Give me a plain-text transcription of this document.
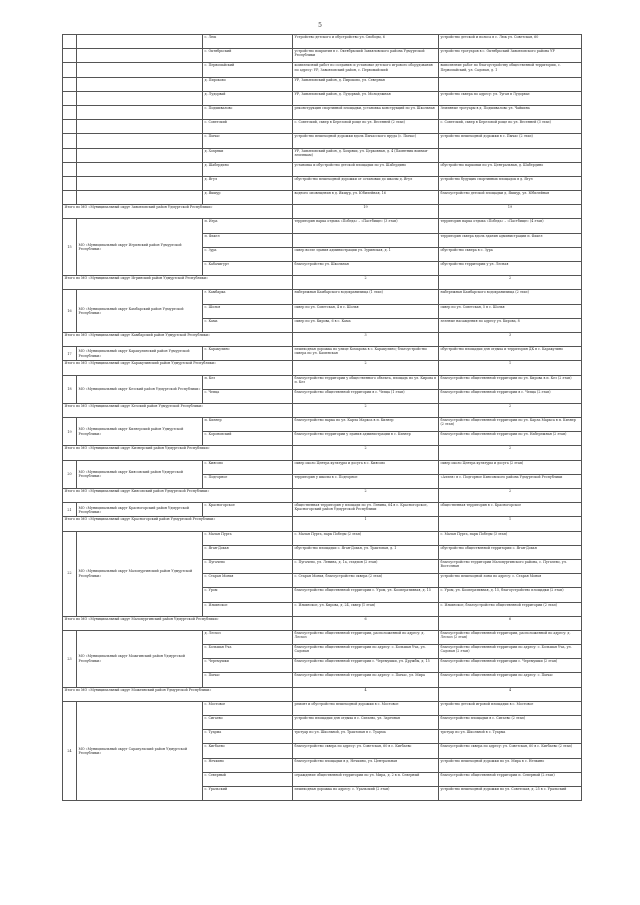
5
		с. Люк	Устройство детского и обустройство ул. Свободы, 6	устройство детской и полоса в с. Люк ул. Советская, 60
		с. Октябрьский	устройство покрытия в с. Октябрьский Завьяловского района Удмуртской Республики	устройство тротуаров в с. Октябрьский Завьяловского района УР
		с. Первомайский	комплексный работ по созданию и установке детского игрового оборудования по адресу: УР, Завьяловский район, с. Первомайский	выполнение работ по благоустройству общественной территории, с. Первомайский, ул. Садовая, д. 1
		д. Пироково	УР, Завьяловский район, д. Пироково, ул. Северная	
		д. Лудорвай	УР, Завьяловский район, д. Лудорвай, ул. Молодежная	устройство сквера по адресу: ул. Тугая в Лудорвае
		с. Подшивалово	реконструкция спортивной площадки, установка конструкций по ул. Школьная	Земляные тротуары в д. Подшивалово ул. Чайкина
		с. Советский	с. Советский, сквер в Березовой роще по ул. Весенней (2 этап)	с. Советский, сквер в Березовой роще по ул. Весенней (3 этап)
		с. Пычас	устройство пешеходной дорожки вдоль Пычасского пруда (с. Пычас)	устройство пешеходной дорожки в с. Пычас (2 этап)
		д. Хохряки	УР, Завьяловский район, д. Хохряки, ул. Церковная, д. 4 (Памятник воинам-землякам)	
		д. Шабердино	установка и обустройство детской площадки по ул. Шабердино	обустройство парковки по ул. Центральная, д. Шабердино
		д. Ягул	обустройство пешеходной дорожки от остановки до школы д. Ягул	устройство будущих спортивных площадок в д. Ягул
		д. Якшур	водного оповещения в д. Якшур, ул. Юбилейная, 16	благоустройство детской площадки д. Якшур, ул. Юбилейная
Итого по МО «Муниципальный округ Завьяловский район Удмуртской Республики»			19	19
15	МО «Муниципальный округ Игринский район Удмуртской Республики»	п. Игра	территория парка отдыха «Победа» – «Пастбище» (3 этап)	территория парка отдыха «Победа» – «Пастбище» (4 этап)
		п. Факел		территория сквера вдоль здания администрации п. Факел
		с. Зура	сквер возле здания администрации ул. Зуринская, д. 1	обустройство сквера в с. Зура
		с. Кабачигурт	благоустройство ул. Школьная	обустройство территории у ул. Лесная
Итого по МО «Муниципальный округ Игринский район Удмуртской Республики»			2	2
16	МО «Муниципальный округ Камбарский район Удмуртской Республики»	г. Камбарка	набережная Камбарского водохранилища (1 этап)	набережная Камбарского водохранилища (2 этап)
		с. Шолья	сквер по ул. Советская, 4 в с. Шолья	сквер по ул. Советская, 5 в с. Шолья
		с. Кама	сквер по ул. Кирова, 6 в с. Кама	зеленые насаждения по адресу ул. Кирова, 8
Итого по МО «Муниципальный округ Камбарский район Удмуртской Республики»			3	3
17	МО «Муниципальный округ Каракулинский район Удмуртской Республики»	с. Каракулино	пешеходная дорожка по улице Комарова в с. Каракулино; благоустройство сквера по ул. Каменская	обустройство площадки для отдыха и территория ДК в с. Каракулино
Итого по МО «Муниципальный округ Каракулинский район Удмуртской Республики»			2	1
18	МО «Муниципальный округ Кезский район Удмуртской Республики»	п. Кез	благоустройство территории у общественного объекта, площадь по ул. Кирова в п. Кез	благоустройство общественной территории по ул. Кирова в п. Кез (2 этап)
		с. Чепца	благоустройство общественной территории в с. Чепца (1 этап)	благоустройство общественной территории в с. Чепца (2 этап)
Итого по МО «Муниципальный округ Кезский район Удмуртской Республики»			2	2
19	МО «Муниципальный округ Кизнерский район Удмуртской Республики»	п. Кизнер	благоустройство парка по ул. Карла Маркса в п. Кизнер	благоустройство общественной территории по ул. Карла Маркса в п. Кизнер (2 этап)
		с. Короновский	благоустройство территории у здания администрации в с. Кизнер	благоустройство общественной территории по ул. Набережная (2 этап)
Итого по МО «Муниципальный округ Кизнерский район Удмуртской Республики»			2	2
20	МО «Муниципальный округ Киясовский район Удмуртской Республики»	с. Киясово	сквер около Центра культуры и досуга в с. Киясово	сквер около Центра культуры и досуга (2 этап)
		с. Подгорное	территория у школы в с. Подгорное	«Аллея» в с. Подгорное Киясовского района Удмуртской Республики
Итого по МО «Муниципальный округ Киясовский район Удмуртской Республики»			2	2
21	МО «Муниципальный округ Красногорский район Удмуртской Республики»	с. Красногорское	общественная территория у площади по ул. Ленина, 64 в с. Красногорское, Красногорский район Удмуртской Республики	общественная территория в с. Красногорское
Итого по МО «Муниципальный округ Красногорский район Удмуртской Республики»			1	1
22	МО «Муниципальный округ Малопургинский район Удмуртской Республики»	с. Малая Пурга	с. Малая Пурга, парк Победы (2 этап)	с. Малая Пурга, парк Победы (3 этап)
		с. Яган-Докья	обустройство площадки с. Яган-Докья, ул. Трактовая, д. 1	обустройство общественной территории с. Яган-Докья
		с. Пугачево	с. Пугачево, ул. Ленина, д. 1а, стадион (2 этап)	благоустройство территории Малопургинского района, с. Пугачево, ул. Восточная
		с. Старая Монья	с. Старая Монья, благоустройство сквера (2 этап)	устройство пешеходной зоны по адресу: с. Старая Монья
		с. Уром	благоустройство общественной территории с. Уром, ул. Кооперативная, д. 15	с. Уром, ул. Кооперативная, д. 15, благоустройство площадки (2 этап)
		с. Ильинское	с. Ильинское, ул. Кирова, д. 24, сквер (1 этап)	с. Ильинское, благоустройство общественной территории (2 этап)
Итого по МО «Муниципальный округ Малопургинский район Удмуртской Республики»			6	6
23	МО «Муниципальный округ Можгинский район Удмуртской Республики»	д. Лесхоз	благоустройство общественной территории, расположенной по адресу: д. Лесхоз	благоустройство общественной территории, расположенной по адресу: д. Лесхоз (2 этап)
		с. Большая Уча	благоустройство общественной территории по адресу: с. Большая Уча, ул. Садовая	благоустройство общественной территории по адресу: с. Большая Уча, ул. Садовая (2 этап)
		с. Черемушки	благоустройство общественной территории с. Черемушки, ул. Дружбы, д. 15	благоустройство общественной территории с. Черемушки (2 этап)
		с. Пычас	благоустройство общественной территории по адресу: с. Пычас, ул. Мира	благоустройство общественной территории по адресу: с. Пычас
Итого по МО «Муниципальный округ Можгинский район Удмуртской Республики»			4	4
24	МО «Муниципальный округ Сарапульский район Удмуртской Республики»	с. Мостовое	ремонт и обустройство пешеходной дорожки в с. Мостовое	устройство детской игровой площадки в с. Мостовое
		с. Сигаево	устройство площадки для отдыха в с. Сигаево, ул. Заречная	благоустройство площадки в с. Сигаево (2 этап)
		с. Туарма	тротуар по ул. Школьной, ул. Трактовая в с. Туарма	тротуар по ул. Школьной в с. Туарма
		с. Кигбаево	благоустройство сквера по адресу: ул. Советская, 60 в с. Кигбаево	благоустройство сквера по адресу: ул. Советская, 60 в с. Кигбаево (2 этап)
		с. Нечкино	благоустройство площадки в д. Нечкино, ул. Центральная	устройство пешеходной дорожки по ул. Мира в с. Нечкино
		с. Северный	ограждение общественной территории по ул. Мира, д. 2 в п. Северный	благоустройство общественной территории п. Северный (2 этап)
		с. Уральский	пешеходная дорожка по адресу: с. Уральский (2 этап)	устройство пешеходной дорожки по ул. Советская, д. 25 в с. Уральский
